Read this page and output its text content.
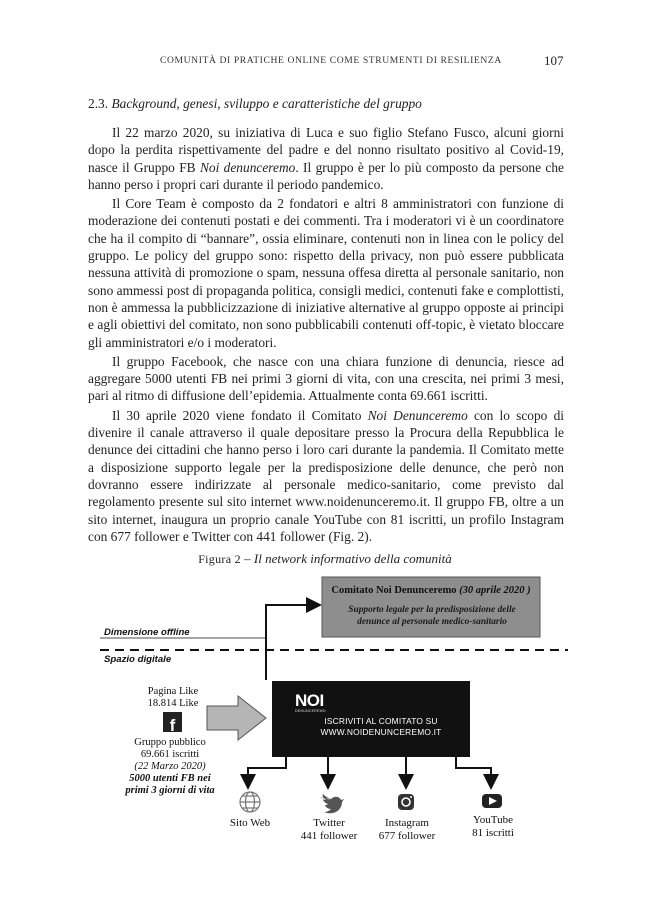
COMUNITÀ DI PRATICHE ONLINE COME STRUMENTI DI RESILIENZA	107
2.3. Background, genesi, sviluppo e caratteristiche del gruppo

Il 22 marzo 2020, su iniziativa di Luca e suo figlio Stefano Fusco, alcuni giorni dopo la perdita rispettivamente del padre e del nonno risultato positivo al Covid-19, nasce il Gruppo FB Noi denunceremo. Il gruppo è per lo più composto da persone che hanno perso i propri cari durante il periodo pandemico.

Il Core Team è composto da 2 fondatori e altri 8 amministratori con funzione di moderazione dei contenuti postati e dei commenti. Tra i moderatori vi è un coordinatore che ha il compito di “bannare”, ossia eliminare, contenuti non in linea con le policy del gruppo. Le policy del gruppo sono: rispetto della privacy, non può essere pubblicata nessuna attività di promozione o spam, nessuna offesa diretta al personale sanitario, non sono ammessi post di propaganda politica, consigli medici, contenuti fake e complottisti, non è ammessa la pubblicizzazione di iniziative alternative al gruppo opposte ai principi e agli obiettivi del comitato, non sono pubblicabili contenuti off-topic, è vietato bloccare gli amministratori e/o i moderatori.

Il gruppo Facebook, che nasce con una chiara funzione di denuncia, riesce ad aggregare 5000 utenti FB nei primi 3 giorni di vita, con una crescita, nei primi 3 mesi, pari al ritmo di diffusione dell’epidemia. Attualmente conta 69.661 iscritti.

Il 30 aprile 2020 viene fondato il Comitato Noi Denunceremo con lo scopo di divenire il canale attraverso il quale depositare presso la Procura della Repubblica le denunce dei cittadini che hanno perso i loro cari durante la pandemia. Il Comitato mette a disposizione supporto legale per la predisposizione delle denunce, che però non dovranno essere indirizzate al personale medico-sanitario, come previsto dal regolamento presente sul sito internet www.noidenunceremo.it. Il gruppo FB, oltre a un sito internet, inaugura un proprio canale YouTube con 81 iscritti, un profilo Instagram con 677 follower e Twitter con 441 follower (Fig. 2).

Figura 2 – Il network informativo della comunità
f
Comitato Noi Denunceremo (30 aprile 2020 )
Supporto legale per la predisposizione delle denunce al personale medico-sanitario
Dimensione offline
Spazio digitale
Pagina Like
18.814 Like
Gruppo pubblico
69.661 iscritti
(22 Marzo 2020)
5000 utenti FB nei
primi 3 giorni di vita
NOI
DENUNCEREMO
ISCRIVITI AL COMITATO SU
WWW.NOIDENUNCEREMO.IT
Sito Web	Twitter
441 follower
Instagram
677 follower
YouTube
81 iscritti
